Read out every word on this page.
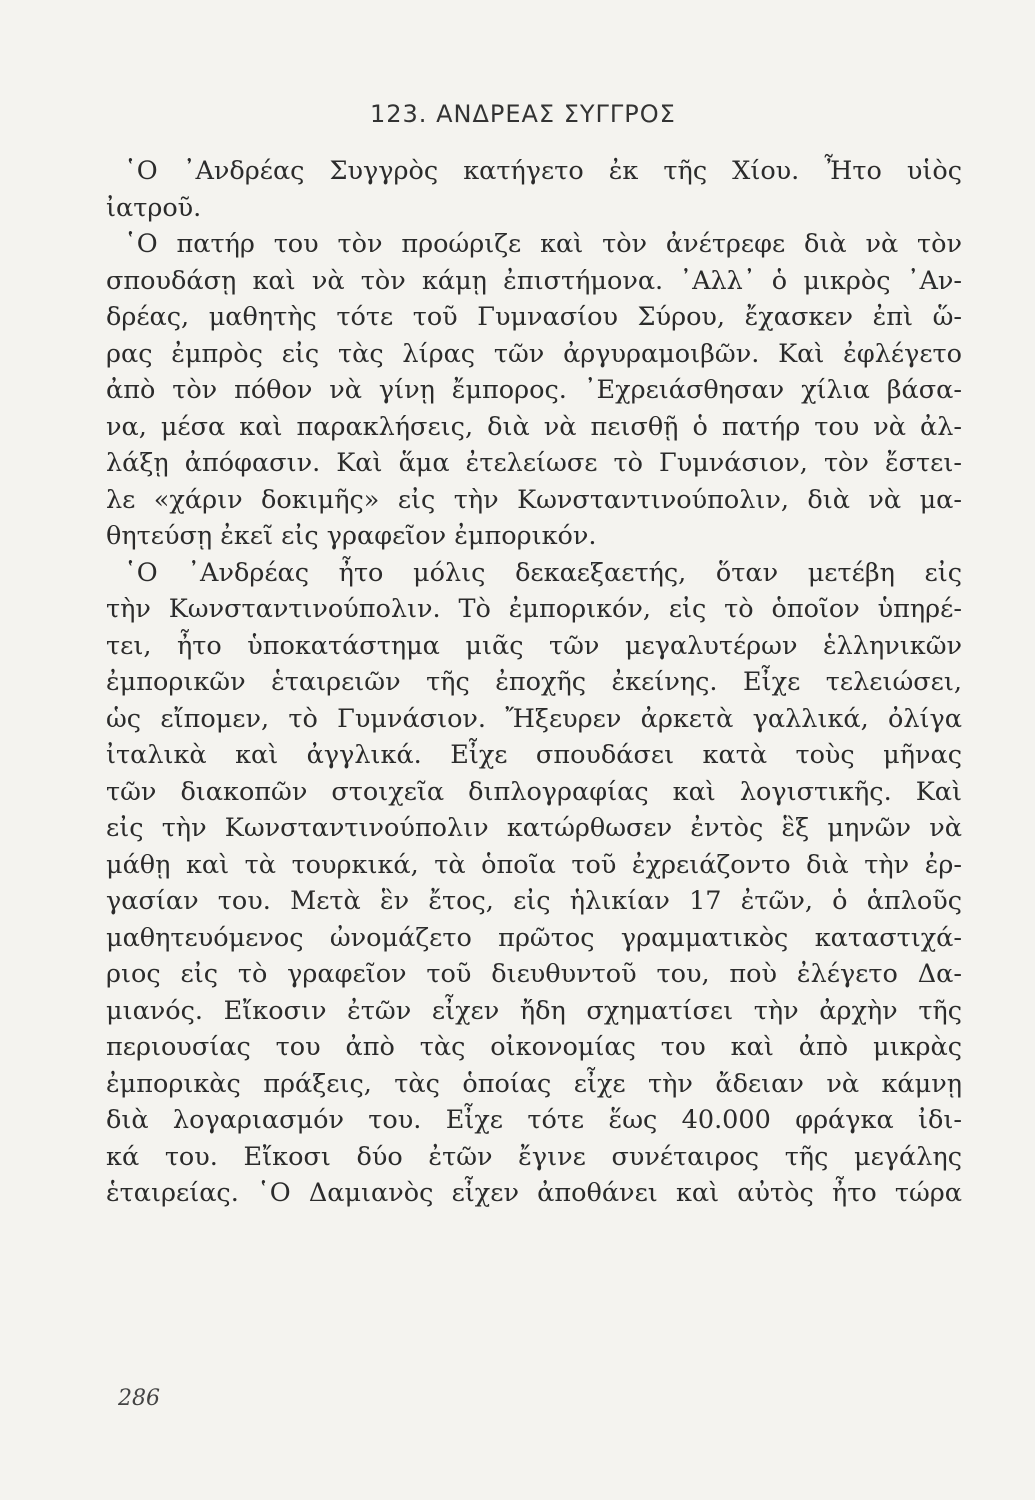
123. ΑΝΔΡΕΑΣ ΣΥΓΓΡΟΣ
῾Ο ᾿Ανδρέας Συγγρὸς κατήγετο ἐκ τῆς Χίου. Ἦτο υἱὸς
ἰατροῦ.
῾Ο πατήρ του τὸν προώριζε καὶ τὸν ἀνέτρεφε διὰ νὰ τὸν
σπουδάσῃ καὶ νὰ τὸν κάμῃ ἐπιστήμονα. ᾿Αλλ᾿ ὁ μικρὸς ᾿Αν-
δρέας, μαθητὴς τότε τοῦ Γυμνασίου Σύρου, ἔχασκεν ἐπὶ ὥ-
ρας ἐμπρὸς εἰς τὰς λίρας τῶν ἀργυραμοιβῶν. Καὶ ἐφλέγετο
ἀπὸ τὸν πόθον νὰ γίνῃ ἔμπορος. ᾿Εχρειάσθησαν χίλια βάσα-
να, μέσα καὶ παρακλήσεις, διὰ νὰ πεισθῇ ὁ πατήρ του νὰ ἀλ-
λάξῃ ἀπόφασιν. Καὶ ἅμα ἐτελείωσε τὸ Γυμνάσιον, τὸν ἔστει-
λε «χάριν δοκιμῆς» εἰς τὴν Κωνσταντινούπολιν, διὰ νὰ μα-
θητεύσῃ ἐκεῖ εἰς γραφεῖον ἐμπορικόν.
῾Ο ᾿Ανδρέας ἦτο μόλις δεκαεξαετής, ὅταν μετέβη εἰς
τὴν Κωνσταντινούπολιν. Τὸ ἐμπορικόν, εἰς τὸ ὁποῖον ὑπηρέ-
τει, ἦτο ὑποκατάστημα μιᾶς τῶν μεγαλυτέρων ἑλληνικῶν
ἐμπορικῶν ἑταιρειῶν τῆς ἐποχῆς ἐκείνης. Εἶχε τελειώσει,
ὡς εἴπομεν, τὸ Γυμνάσιον. Ἤξευρεν ἀρκετὰ γαλλικά, ὀλίγα
ἰταλικὰ καὶ ἀγγλικά. Εἶχε σπουδάσει κατὰ τοὺς μῆνας
τῶν διακοπῶν στοιχεῖα διπλογραφίας καὶ λογιστικῆς. Καὶ
εἰς τὴν Κωνσταντινούπολιν κατώρθωσεν ἐντὸς ἓξ μηνῶν νὰ
μάθῃ καὶ τὰ τουρκικά, τὰ ὁποῖα τοῦ ἐχρειάζοντο διὰ τὴν ἐρ-
γασίαν του. Μετὰ ἓν ἔτος, εἰς ἡλικίαν 17 ἐτῶν, ὁ ἁπλοῦς
μαθητευόμενος ὠνομάζετο πρῶτος γραμματικὸς καταστιχά-
ριος εἰς τὸ γραφεῖον τοῦ διευθυντοῦ του, ποὺ ἐλέγετο Δα-
μιανός. Εἴκοσιν ἐτῶν εἶχεν ἤδη σχηματίσει τὴν ἀρχὴν τῆς
περιουσίας του ἀπὸ τὰς οἰκονομίας του καὶ ἀπὸ μικρὰς
ἐμπορικὰς πράξεις, τὰς ὁποίας εἶχε τὴν ἄδειαν νὰ κάμνῃ
διὰ λογαριασμόν του. Εἶχε τότε ἕως 40.000 φράγκα ἰδι-
κά του. Εἴκοσι δύο ἐτῶν ἔγινε συνέταιρος τῆς μεγάλης
ἑταιρείας. ῾Ο Δαμιανὸς εἶχεν ἀποθάνει καὶ αὐτὸς ἦτο τώρα
286
